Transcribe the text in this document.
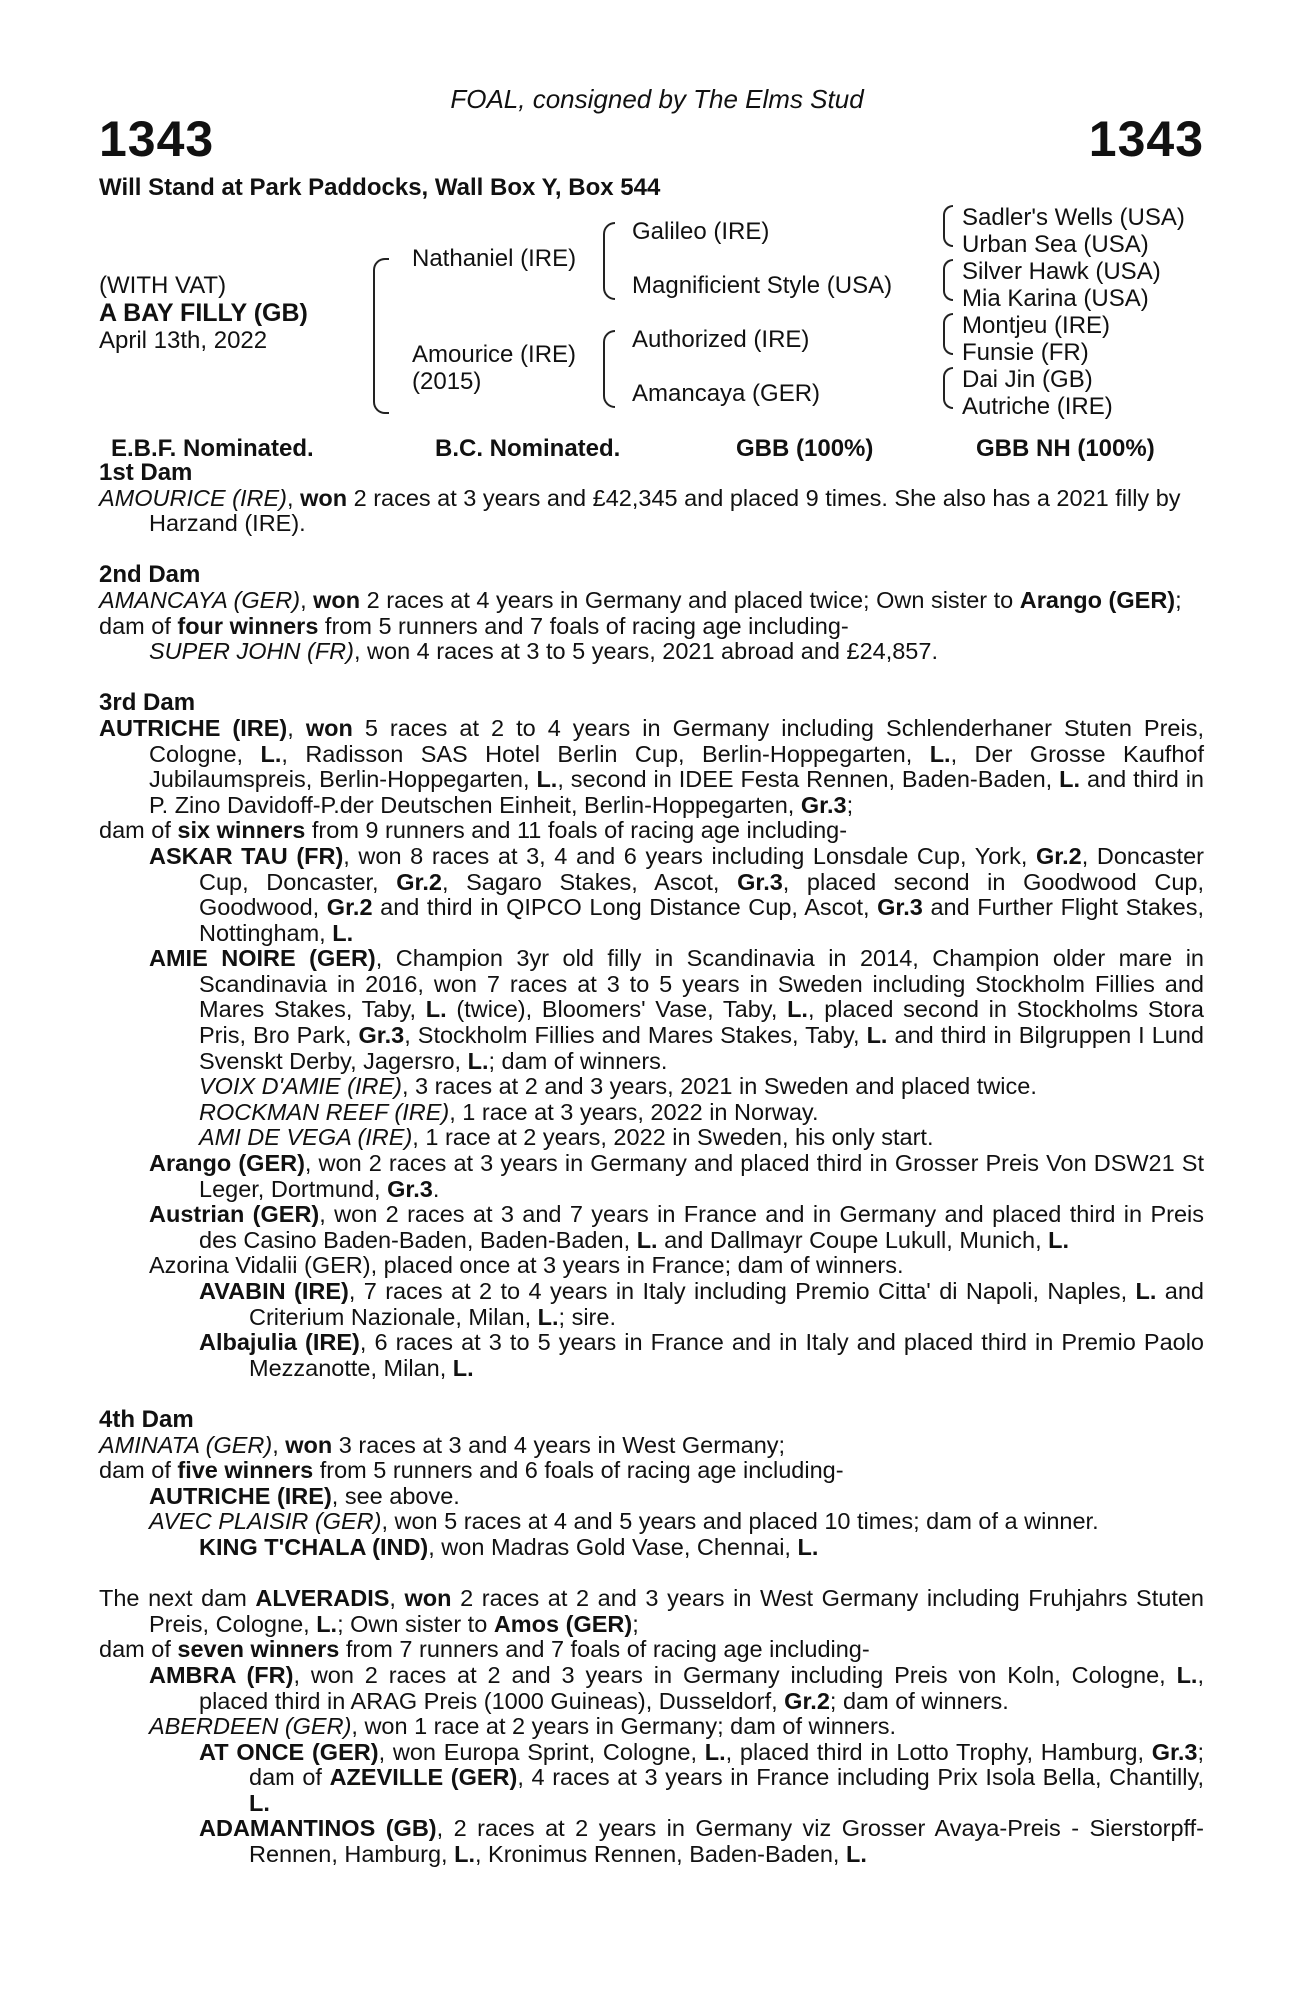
FOAL, consigned by The Elms Stud
1343	1343
Will Stand at Park Paddocks, Wall Box Y, Box 544
(WITH VAT)
A BAY FILLY (GB)
April 13th, 2022
Nathaniel (IRE)
Amourice (IRE)
(2015)
Galileo (IRE)
Magnificient Style (USA)
Authorized (IRE)
Amancaya (GER)
Sadler's Wells (USA)
Urban Sea (USA)
Silver Hawk (USA)
Mia Karina (USA)
Montjeu (IRE)
Funsie (FR)
Dai Jin (GB)
Autriche (IRE)
E.B.F. Nominated.	B.C. Nominated.	GBB (100%)	GBB NH (100%)

1st Dam

AMOURICE (IRE), won 2 races at 3 years and £42,345 and placed 9 times. She also has a 2021 filly by Harzand (IRE).

2nd Dam

AMANCAYA (GER), won 2 races at 4 years in Germany and placed twice; Own sister to Arango (GER);

dam of four winners from 5 runners and 7 foals of racing age including-

SUPER JOHN (FR), won 4 races at 3 to 5 years, 2021 abroad and £24,857.

3rd Dam

AUTRICHE (IRE), won 5 races at 2 to 4 years in Germany including Schlenderhaner Stuten Preis, Cologne, L., Radisson SAS Hotel Berlin Cup, Berlin-Hoppegarten, L., Der Grosse Kaufhof Jubilaumspreis, Berlin-Hoppegarten, L., second in IDEE Festa Rennen, Baden-Baden, L. and third in P. Zino Davidoff-P.der Deutschen Einheit, Berlin-Hoppegarten, Gr.3;

dam of six winners from 9 runners and 11 foals of racing age including-

ASKAR TAU (FR), won 8 races at 3, 4 and 6 years including Lonsdale Cup, York, Gr.2, Doncaster Cup, Doncaster, Gr.2, Sagaro Stakes, Ascot, Gr.3, placed second in Goodwood Cup, Goodwood, Gr.2 and third in QIPCO Long Distance Cup, Ascot, Gr.3 and Further Flight Stakes, Nottingham, L.

AMIE NOIRE (GER), Champion 3yr old filly in Scandinavia in 2014, Champion older mare in Scandinavia in 2016, won 7 races at 3 to 5 years in Sweden including Stockholm Fillies and Mares Stakes, Taby, L. (twice), Bloomers' Vase, Taby, L., placed second in Stockholms Stora Pris, Bro Park, Gr.3, Stockholm Fillies and Mares Stakes, Taby, L. and third in Bilgruppen I Lund Svenskt Derby, Jagersro, L.; dam of winners.

VOIX D'AMIE (IRE), 3 races at 2 and 3 years, 2021 in Sweden and placed twice.

ROCKMAN REEF (IRE), 1 race at 3 years, 2022 in Norway.

AMI DE VEGA (IRE), 1 race at 2 years, 2022 in Sweden, his only start.

Arango (GER), won 2 races at 3 years in Germany and placed third in Grosser Preis Von DSW21 St Leger, Dortmund, Gr.3.

Austrian (GER), won 2 races at 3 and 7 years in France and in Germany and placed third in Preis des Casino Baden-Baden, Baden-Baden, L. and Dallmayr Coupe Lukull, Munich, L.

Azorina Vidalii (GER), placed once at 3 years in France; dam of winners.

AVABIN (IRE), 7 races at 2 to 4 years in Italy including Premio Citta' di Napoli, Naples, L. and Criterium Nazionale, Milan, L.; sire.

Albajulia (IRE), 6 races at 3 to 5 years in France and in Italy and placed third in Premio Paolo Mezzanotte, Milan, L.

4th Dam

AMINATA (GER), won 3 races at 3 and 4 years in West Germany;

dam of five winners from 5 runners and 6 foals of racing age including-

AUTRICHE (IRE), see above.

AVEC PLAISIR (GER), won 5 races at 4 and 5 years and placed 10 times; dam of a winner.

KING T'CHALA (IND), won Madras Gold Vase, Chennai, L.

The next dam ALVERADIS, won 2 races at 2 and 3 years in West Germany including Fruhjahrs Stuten Preis, Cologne, L.; Own sister to Amos (GER);

dam of seven winners from 7 runners and 7 foals of racing age including-

AMBRA (FR), won 2 races at 2 and 3 years in Germany including Preis von Koln, Cologne, L., placed third in ARAG Preis (1000 Guineas), Dusseldorf, Gr.2; dam of winners.

ABERDEEN (GER), won 1 race at 2 years in Germany; dam of winners.

AT ONCE (GER), won Europa Sprint, Cologne, L., placed third in Lotto Trophy, Hamburg, Gr.3; dam of AZEVILLE (GER), 4 races at 3 years in France including Prix Isola Bella, Chantilly, L.

ADAMANTINOS (GB), 2 races at 2 years in Germany viz Grosser Avaya-Preis - Sierstorpff-Rennen, Hamburg, L., Kronimus Rennen, Baden-Baden, L.
